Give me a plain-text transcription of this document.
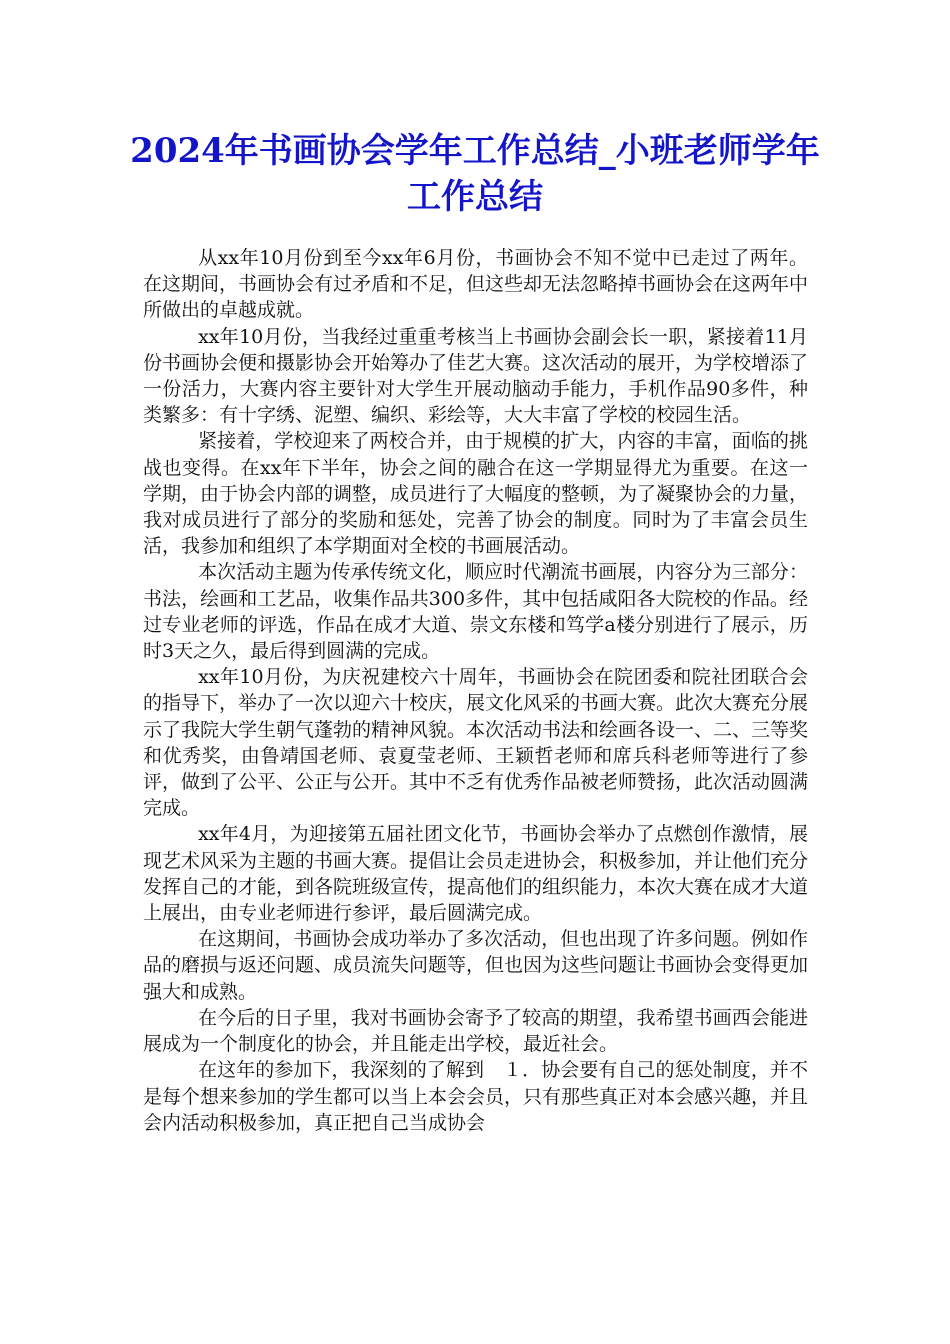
2024年书画协会学年工作总结_小班老师学年工作总结

从xx年10月份到至今xx年6月份，书画协会不知不觉中已走过了两年。在这期间，书画协会有过矛盾和不足，但这些却无法忽略掉书画协会在这两年中所做出的卓越成就。

xx年10月份，当我经过重重考核当上书画协会副会长一职，紧接着11月份书画协会便和摄影协会开始筹办了佳艺大赛。这次活动的展开，为学校增添了一份活力，大赛内容主要针对大学生开展动脑动手能力，手机作品90多件，种类繁多：有十字绣、泥塑、编织、彩绘等，大大丰富了学校的校园生活。

紧接着，学校迎来了两校合并，由于规模的扩大，内容的丰富，面临的挑战也变得。在xx年下半年，协会之间的融合在这一学期显得尤为重要。在这一学期，由于协会内部的调整，成员进行了大幅度的整顿，为了凝聚协会的力量，我对成员进行了部分的奖励和惩处，完善了协会的制度。同时为了丰富会员生活，我参加和组织了本学期面对全校的书画展活动。

本次活动主题为传承传统文化，顺应时代潮流书画展，内容分为三部分：书法，绘画和工艺品，收集作品共300多件，其中包括咸阳各大院校的作品。经过专业老师的评选，作品在成才大道、崇文东楼和笃学a楼分别进行了展示，历时3天之久，最后得到圆满的完成。

xx年10月份，为庆祝建校六十周年，书画协会在院团委和院社团联合会的指导下，举办了一次以迎六十校庆，展文化风采的书画大赛。此次大赛充分展示了我院大学生朝气蓬勃的精神风貌。本次活动书法和绘画各设一、二、三等奖和优秀奖，由鲁靖国老师、袁夏莹老师、王颖哲老师和席兵科老师等进行了参评，做到了公平、公正与公开。其中不乏有优秀作品被老师赞扬，此次活动圆满完成。

xx年4月，为迎接第五届社团文化节，书画协会举办了点燃创作激情，展现艺术风采为主题的书画大赛。提倡让会员走进协会，积极参加，并让他们充分发挥自己的才能，到各院班级宣传，提高他们的组织能力，本次大赛在成才大道上展出，由专业老师进行参评，最后圆满完成。

在这期间，书画协会成功举办了多次活动，但也出现了许多问题。例如作品的磨损与返还问题、成员流失问题等，但也因为这些问题让书画协会变得更加强大和成熟。

在今后的日子里，我对书画协会寄予了较高的期望，我希望书画西会能进展成为一个制度化的协会，并且能走出学校，最近社会。

在这年的参加下，我深刻的了解到　１．协会要有自己的惩处制度，并不是每个想来参加的学生都可以当上本会会员，只有那些真正对本会感兴趣，并且会内活动积极参加，真正把自己当成协会
